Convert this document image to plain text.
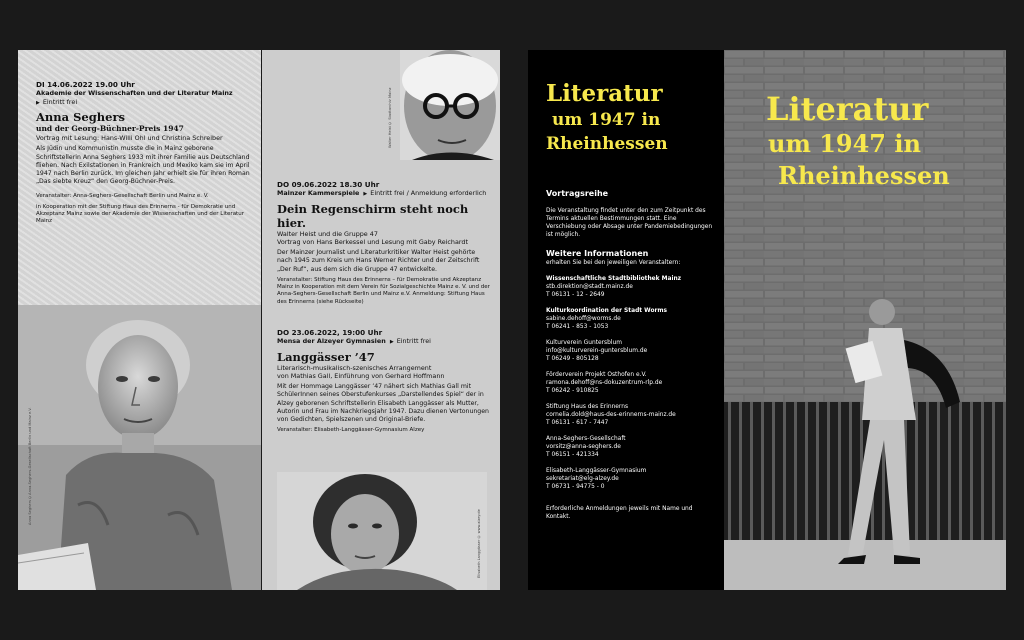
DI 14.06.2022 19.00 Uhr
Akademie der Wissenschaften und der Literatur Mainz
▶ Eintritt frei
Anna Seghers
und der Georg-Büchner-Preis 1947
Vortrag mit Lesung: Hans-Willi Ohl und Christina Schreiber
Als Jüdin und Kommunistin musste die in Mainz geborene Schriftstellerin Anna Seghers 1933 mit ihrer Familie aus Deutschland fliehen. Nach Exilstationen in Frankreich und Mexiko kam sie im April 1947 nach Berlin zurück. Im gleichen Jahr erhielt sie für ihren Roman „Das siebte Kreuz“ den Georg-Büchner-Preis.
Veranstalter: Anna-Seghers-Gesellschaft Berlin und Mainz e. V.
in Kooperation mit der Stiftung Haus des Erinnerns - für Demokratie und Akzeptanz Mainz sowie der Akademie der Wissenschaften und der Literatur Mainz
Anna Seghers ©Anna-Seghers-Gesellschaft Berlin und Mainz e.V.
Walter Heist © Stadtarchiv Mainz
DO 09.06.2022 18.30 Uhr
Mainzer Kammerspiele ▶ Eintritt frei / Anmeldung erforderlich
Dein Regenschirm steht noch hier.
Walter Heist und die Gruppe 47
Vortrag von Hans Berkessel und Lesung mit Gaby Reichardt
Der Mainzer Journalist und Literaturkritiker Walter Heist gehörte nach 1945 zum Kreis um Hans Werner Richter und der Zeitschrift „Der Ruf“, aus dem sich die Gruppe 47 entwickelte.
Veranstalter: Stiftung Haus des Erinnerns – für Demokratie und Akzeptanz Mainz in Kooperation mit dem Verein für Sozialgeschichte Mainz e. V. und der Anna-Seghers-Gesellschaft Berlin und Mainz e.V. Anmeldung: Stiftung Haus des Erinnerns (siehe Rückseite)
DO 23.06.2022, 19:00 Uhr
Mensa der Alzeyer Gymnasien ▶ Eintritt frei
Langgässer ’47
Literarisch-musikalisch-szenisches Arrangement
von Mathias Gall, Einführung von Gerhard Hoffmann
Mit der Hommage Langgässer ’47 nähert sich Mathias Gall mit SchülerInnen seines Oberstufenkurses „Darstellendes Spiel“ der in Alzey geborenen Schriftstellerin Elisabeth Langgässer als Mutter, Autorin und Frau im Nachkriegsjahr 1947. Dazu dienen Vertonungen von Gedichten, Spielszenen und Original-Briefe.
Veranstalter: Elisabeth-Langgässer-Gymnasium Alzey
Elisabeth Langgässer © www.alzey.de
Literatur
um 1947 in
Rheinhessen
Vortragsreihe
Die Veranstaltung findet unter den zum Zeitpunkt des Termins aktuellen Bestimmungen statt. Eine Verschiebung oder Absage unter Pandemiebedingungen ist möglich.
Weitere Informationen
erhalten Sie bei den jeweiligen Veranstaltern:
Wissenschaftliche Stadtbibliothek Mainz
stb.direktion@stadt.mainz.de
T 06131 - 12 - 2649
Kulturkoordination der Stadt Worms
sabine.dehoff@worms.de
T 06241 - 853 - 1053
Kulturverein Guntersblum
info@kulturverein-guntersblum.de
T 06249 - 805128
Förderverein Projekt Osthofen e.V.
ramona.dehoff@ns-dokuzentrum-rlp.de
T 06242 - 910825
Stiftung Haus des Erinnerns
cornelia.dold@haus-des-erinnerns-mainz.de
T 06131 - 617 - 7447
Anna-Seghers-Gesellschaft
vorsitz@anna-seghers.de
T 06151 - 421334
Elisabeth-Langgässer-Gymnasium
sekretariat@elg-alzey.de
T 06731 - 94775 - 0
Erforderliche Anmeldungen jeweils mit Name und Kontakt.
Literatur
um 1947 in
Rheinhessen
